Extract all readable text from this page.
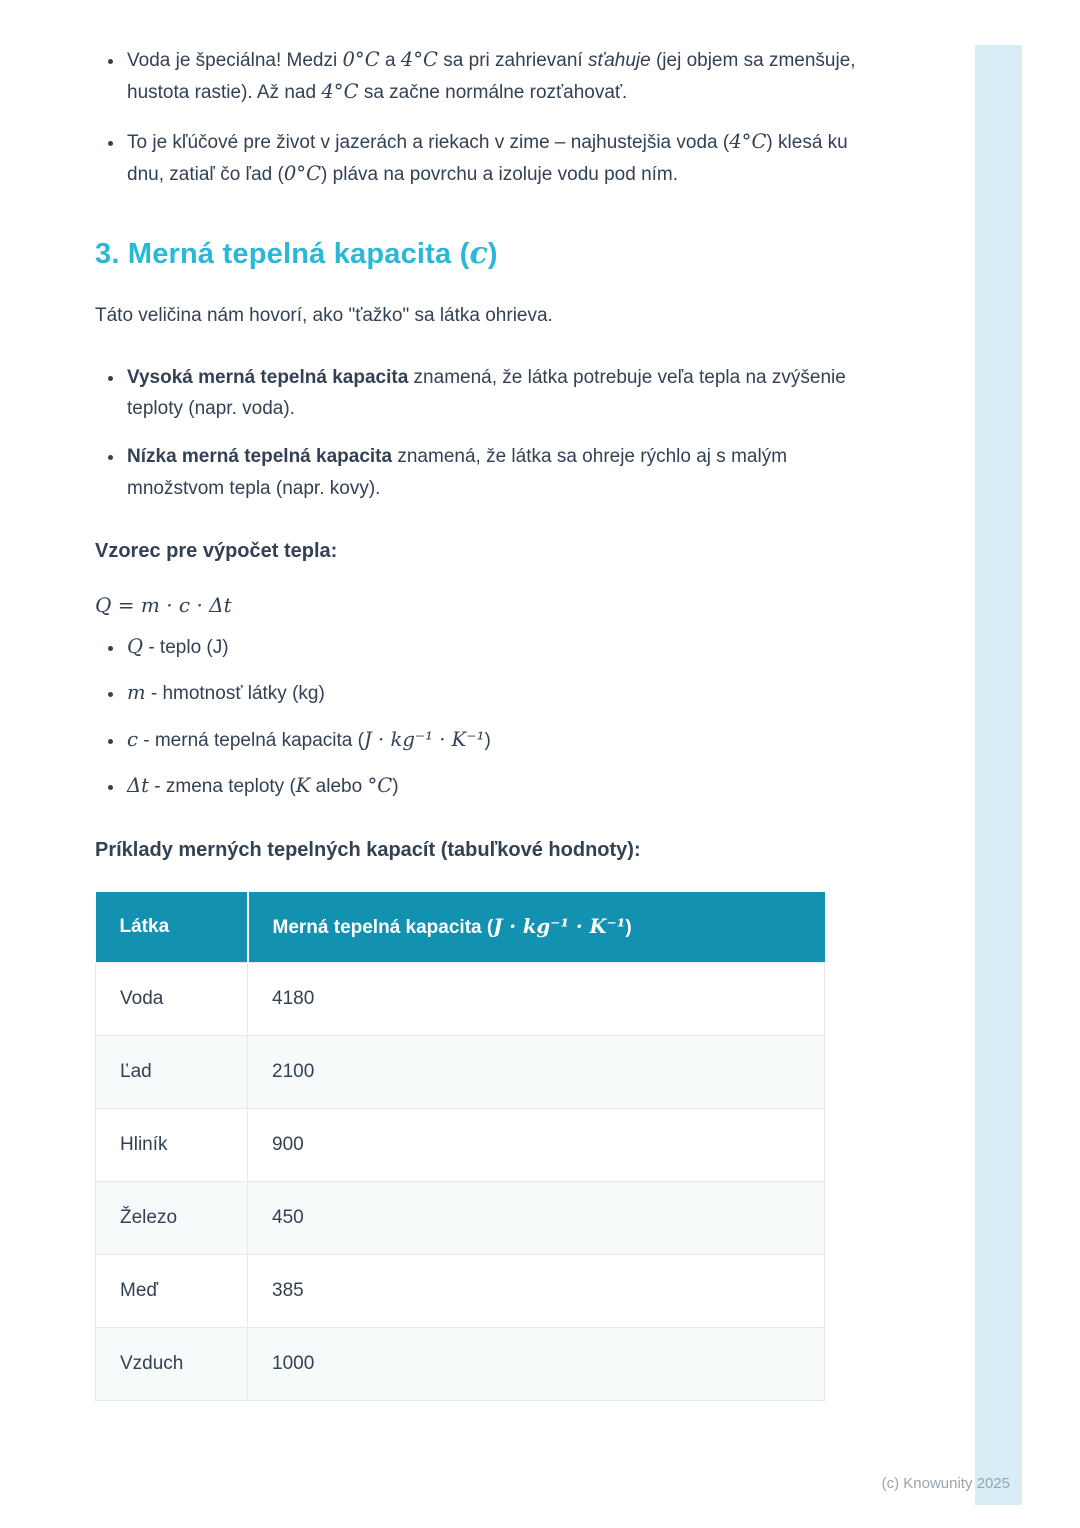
• Voda je špeciálna! Medzi 0°C a 4°C sa pri zahrievaní sťahuje (jej objem sa zmenšuje, hustota rastie). Až nad 4°C sa začne normálne rozťahovať.
• To je kľúčové pre život v jazerách a riekach v zime – najhustejšia voda (4°C) klesá ku dnu, zatiaľ čo ľad (0°C) pláva na povrchu a izoluje vodu pod ním.
3. Merná tepelná kapacita (c)

Táto veličina nám hovorí, ako "ťažko" sa látka ohrieva.

• Vysoká merná tepelná kapacita znamená, že látka potrebuje veľa tepla na zvýšenie teploty (napr. voda).
• Nízka merná tepelná kapacita znamená, že látka sa ohreje rýchlo aj s malým množstvom tepla (napr. kovy).

Vzorec pre výpočet tepla:

Q = m · c · Δt

• Q - teplo (J)
• m - hmotnosť látky (kg)
• c - merná tepelná kapacita (J · kg⁻¹ · K⁻¹)
• Δt - zmena teploty (K alebo °C)

Príklady merných tepelných kapacít (tabuľkové hodnoty):

Látka	Merná tepelná kapacita (J · kg⁻¹ · K⁻¹)
Voda	4180
Ľad	2100
Hliník	900
Železo	450
Meď	385
Vzduch	1000
(c) Knowunity 2025
